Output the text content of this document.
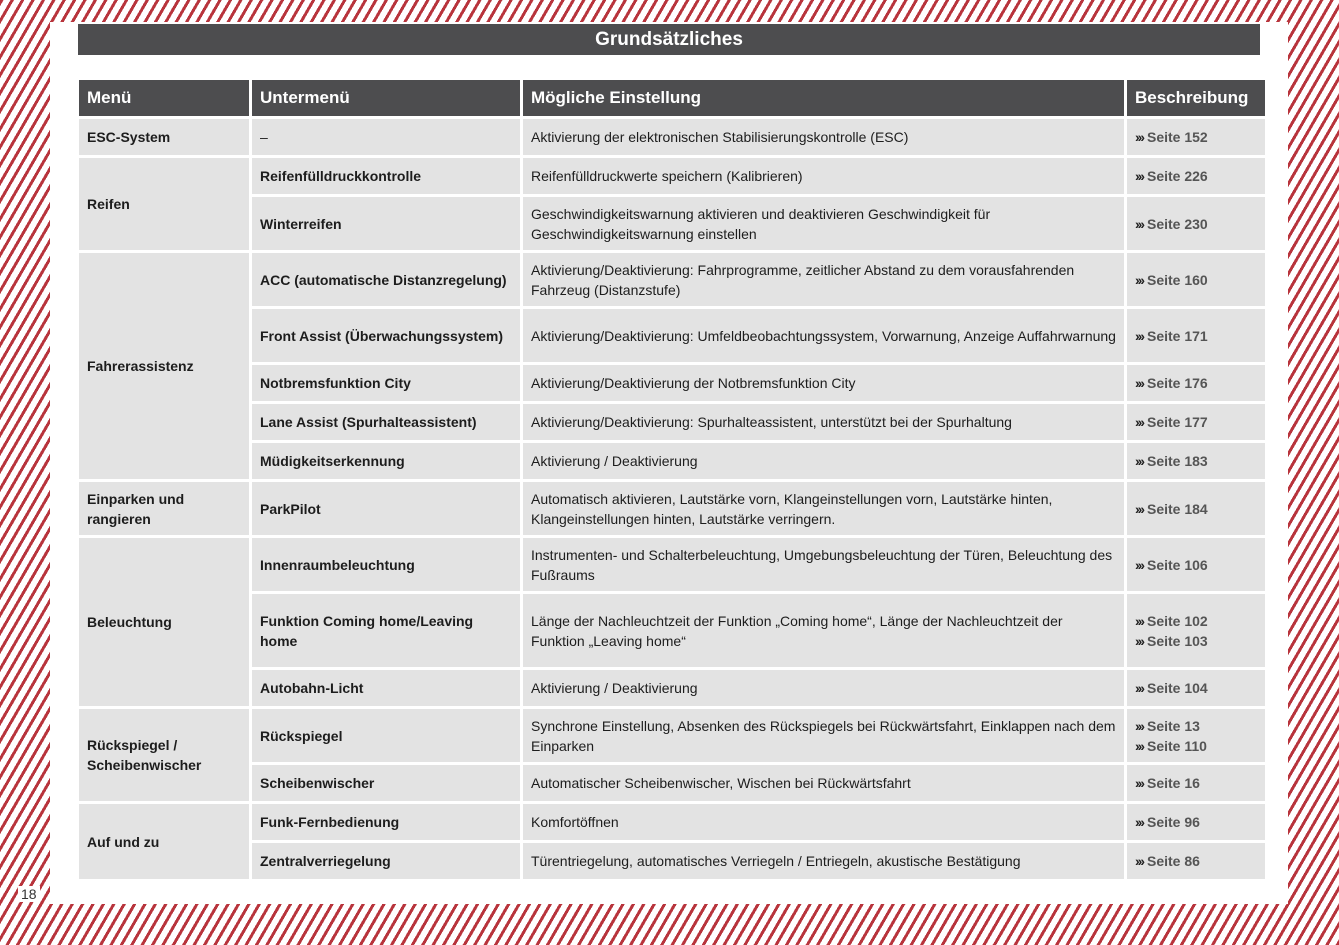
Grundsätzliches
Menü	Untermenü	Mögliche Einstellung	Beschreibung
ESC-System	–	Aktivierung der elektronischen Stabilisierungskontrolle (ESC)	››› Seite 152
Reifen	Reifenfülldruckkontrolle	Reifenfülldruckwerte speichern (Kalibrieren)	››› Seite 226
	Winterreifen	Geschwindigkeitswarnung aktivieren und deaktivieren Geschwindigkeit für Geschwindigkeitswarnung einstellen	››› Seite 230
Fahrerassistenz	ACC (automatische Distanzregelung)	Aktivierung/Deaktivierung: Fahrprogramme, zeitlicher Abstand zu dem vorausfahrenden Fahrzeug (Distanzstufe)	››› Seite 160
	Front Assist (Überwachungssystem)	Aktivierung/Deaktivierung: Umfeldbeobachtungssystem, Vorwarnung, Anzeige Auffahrwarnung	››› Seite 171
	Notbremsfunktion City	Aktivierung/Deaktivierung der Notbremsfunktion City	››› Seite 176
	Lane Assist (Spurhalteassistent)	Aktivierung/Deaktivierung: Spurhalteassistent, unterstützt bei der Spurhaltung	››› Seite 177
	Müdigkeitserkennung	Aktivierung / Deaktivierung	››› Seite 183
Einparken und rangieren	ParkPilot	Automatisch aktivieren, Lautstärke vorn, Klangeinstellungen vorn, Lautstärke hinten, Klangeinstellungen hinten, Lautstärke verringern.	››› Seite 184
Beleuchtung	Innenraumbeleuchtung	Instrumenten- und Schalterbeleuchtung, Umgebungsbeleuchtung der Türen, Beleuchtung des Fußraums	››› Seite 106
	Funktion Coming home/Leaving home	Länge der Nachleuchtzeit der Funktion „Coming home“, Länge der Nachleuchtzeit der Funktion „Leaving home“	››› Seite 102
››› Seite 103
	Autobahn-Licht	Aktivierung / Deaktivierung	››› Seite 104
Rückspiegel / Scheibenwischer	Rückspiegel	Synchrone Einstellung, Absenken des Rückspiegels bei Rückwärtsfahrt, Einklappen nach dem Einparken	››› Seite 13
››› Seite 110
	Scheibenwischer	Automatischer Scheibenwischer, Wischen bei Rückwärtsfahrt	››› Seite 16
Auf und zu	Funk-Fernbedienung	Komfortöffnen	››› Seite 96
	Zentralverriegelung	Türentriegelung, automatisches Verriegeln / Entriegeln, akustische Bestätigung	››› Seite 86
18
